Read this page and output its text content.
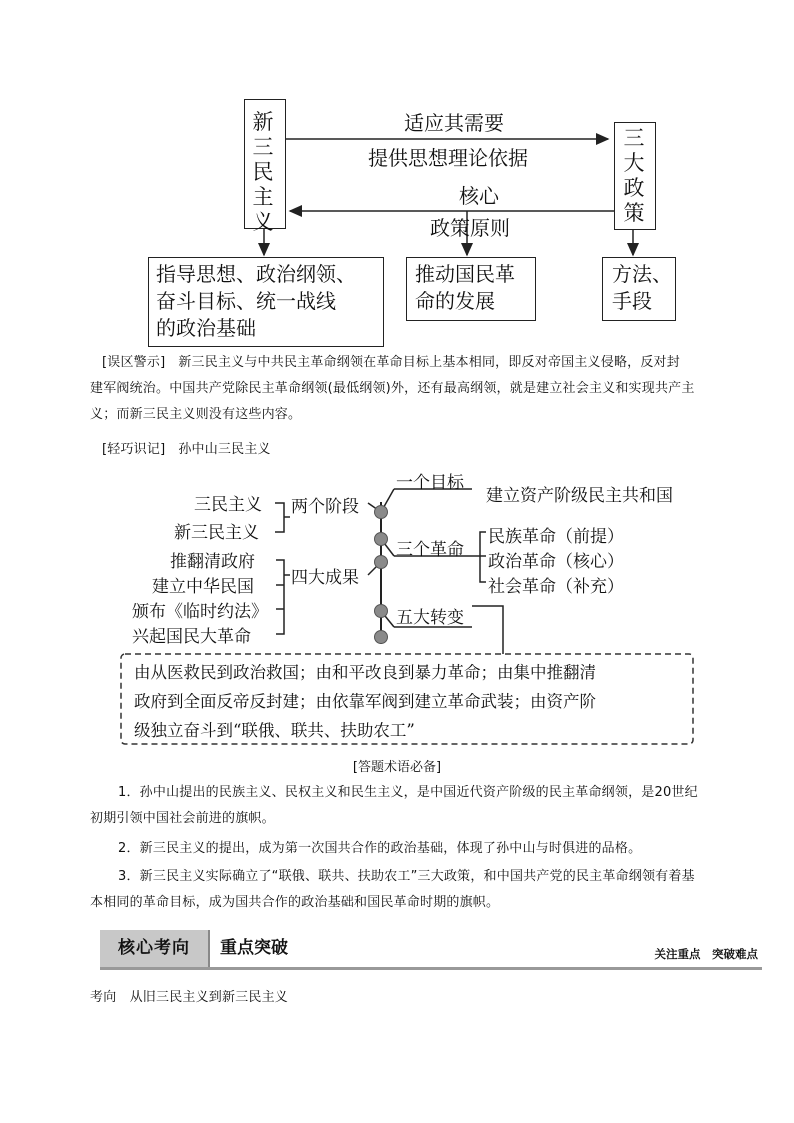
新三民主义
三大政策
适应其需要
提供思想理论依据
核心
政策原则
指导思想、政治纲领、
奋斗目标、统一战线
的政治基础
推动国民革
命的发展
方法、
手段
[误区警示] 新三民主义与中共民主革命纲领在革命目标上基本相同，即反对帝国主义侵略，反对封
建军阀统治。中国共产党除民主革命纲领(最低纲领)外，还有最高纲领，就是建立社会主义和实现共产主
义；而新三民主义则没有这些内容。
[轻巧识记] 孙中山三民主义
三民主义
新三民主义
两个阶段
推翻清政府
建立中华民国
颁布《临时约法》
兴起国民大革命
四大成果
一个目标
建立资产阶级民主共和国
三个革命
民族革命（前提）
政治革命（核心）
社会革命（补充）
五大转变
由从医救民到政治救国；由和平改良到暴力革命；由集中推翻清
政府到全面反帝反封建；由依靠军阀到建立革命武装；由资产阶
级独立奋斗到“联俄、联共、扶助农工”
[答题术语必备]
1．孙中山提出的民族主义、民权主义和民生主义，是中国近代资产阶级的民主革命纲领，是20世纪
初期引领中国社会前进的旗帜。
2．新三民主义的提出，成为第一次国共合作的政治基础，体现了孙中山与时俱进的品格。
3．新三民主义实际确立了“联俄、联共、扶助农工”三大政策，和中国共产党的民主革命纲领有着基
本相同的革命目标，成为国共合作的政治基础和国民革命时期的旗帜。
核心考向	重点突破	关注重点　突破难点
考向　从旧三民主义到新三民主义
